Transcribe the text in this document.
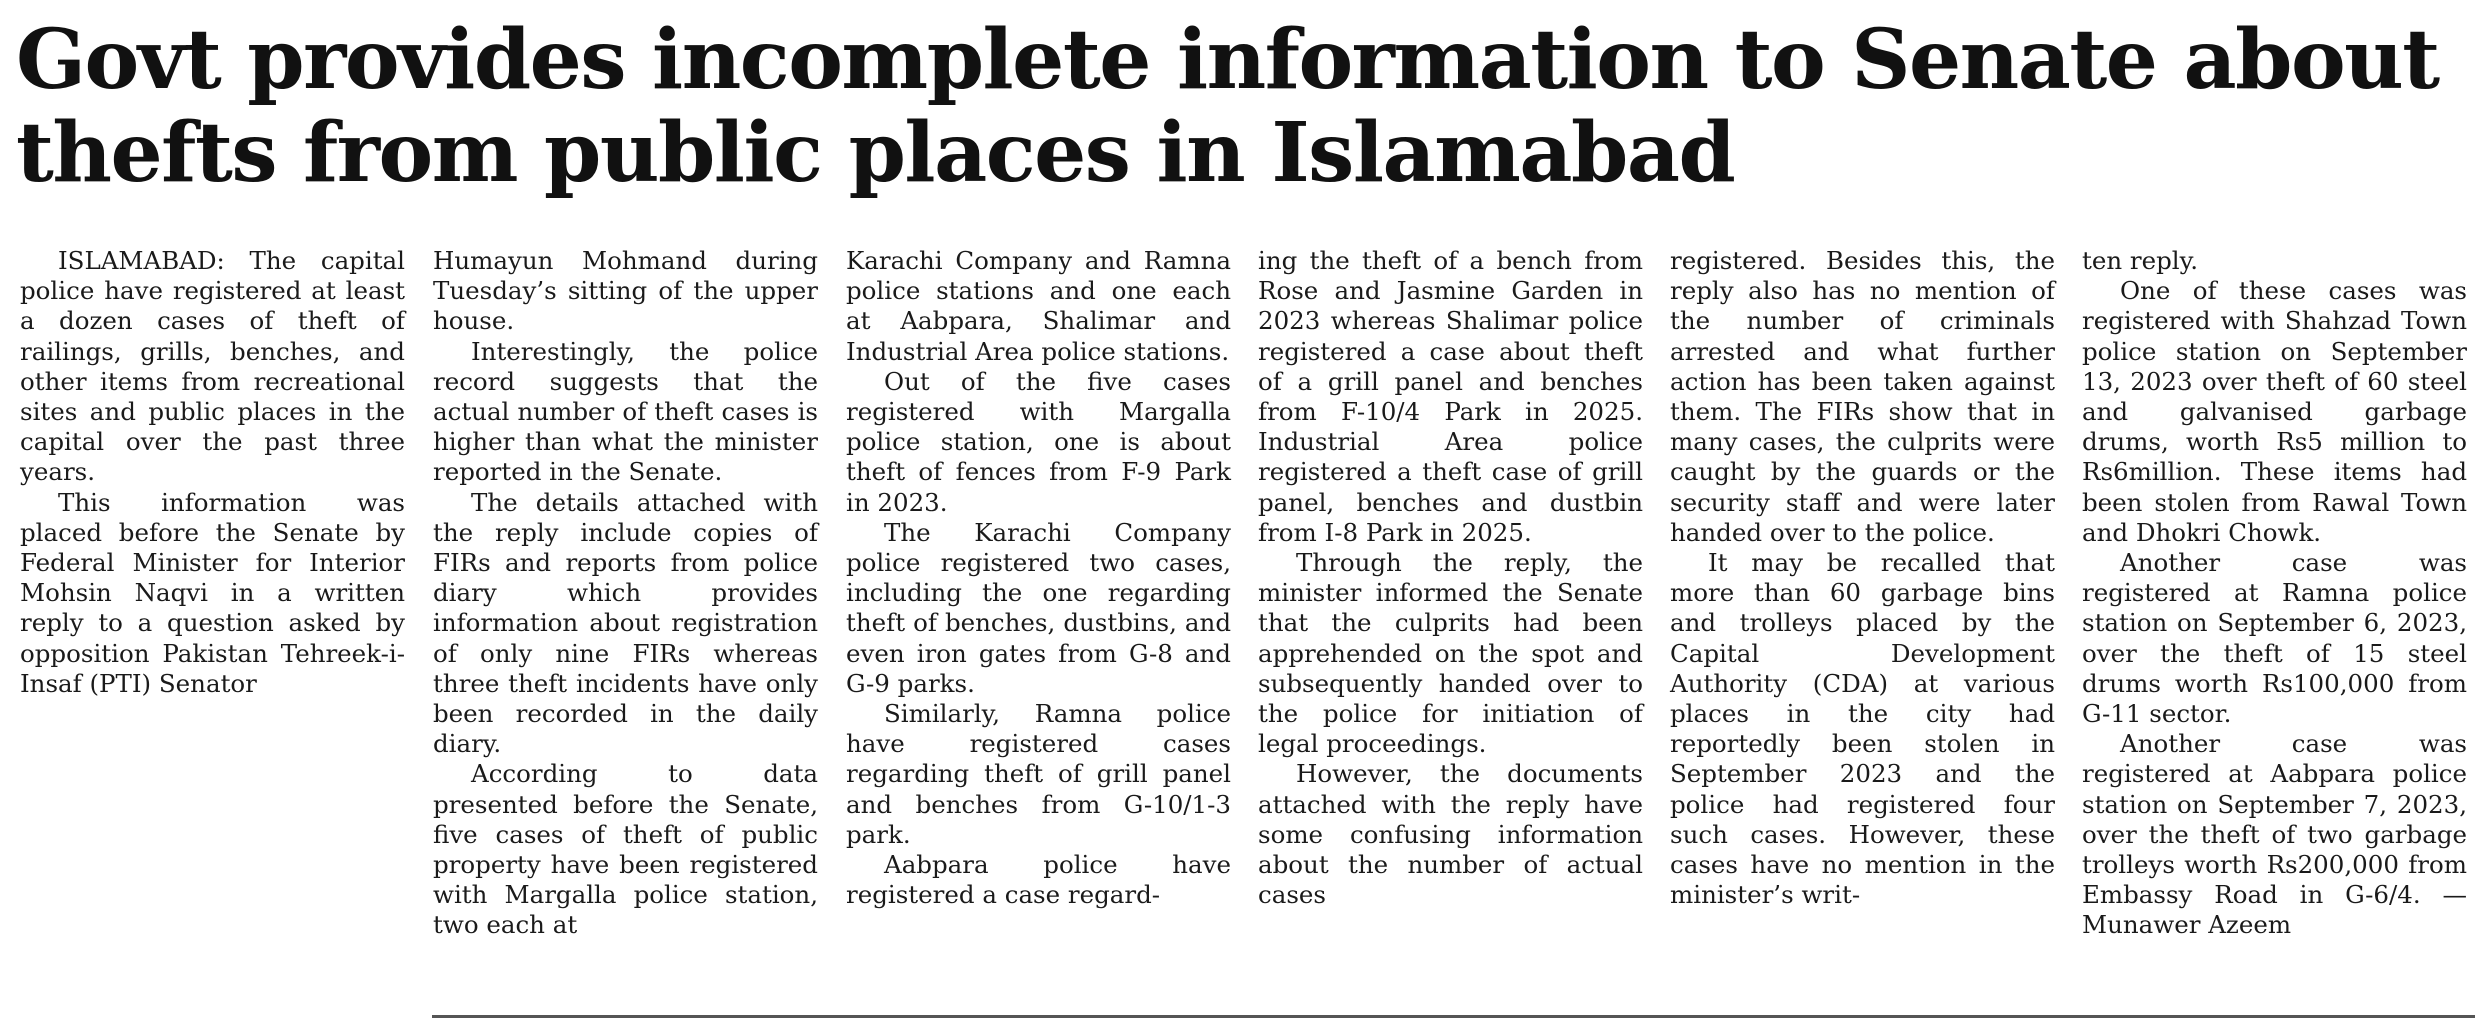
Govt provides incomplete information to Senate about thefts from public places in Islamabad

ISLAMABAD: The capital police have registered at least a dozen cases of theft of railings, grills, benches, and other items from recreational sites and public places in the capital over the past three years.

This information was placed before the Senate by Federal Minister for Interior Mohsin Naqvi in a written reply to a question asked by opposition Pakistan Tehreek-i-Insaf (PTI) Senator

Humayun Mohmand during Tuesday’s sitting of the upper house.

Interestingly, the police record suggests that the actual number of theft cases is higher than what the minister reported in the Senate.

The details attached with the reply include copies of FIRs and reports from police diary which provides information about registration of only nine FIRs whereas three theft incidents have only been recorded in the daily diary.

According to data presented before the Senate, five cases of theft of public property have been registered with Margalla police station, two each at

Karachi Company and Ramna police stations and one each at Aabpara, Shalimar and Industrial Area police stations.

Out of the five cases registered with Margalla police station, one is about theft of fences from F-9 Park in 2023.

The Karachi Company police registered two cases, including the one regarding theft of benches, dustbins, and even iron gates from G-8 and G-9 parks.

Similarly, Ramna police have registered cases regarding theft of grill panel and benches from G-10/1-3 park.

Aabpara police have registered a case regard-

ing the theft of a bench from Rose and Jasmine Garden in 2023 whereas Shalimar police registered a case about theft of a grill panel and benches from F-10/4 Park in 2025. Industrial Area police registered a theft case of grill panel, benches and dustbin from I-8 Park in 2025.

Through the reply, the minister informed the Senate that the culprits had been apprehended on the spot and subsequently handed over to the police for initiation of legal proceedings.

However, the documents attached with the reply have some confusing information about the number of actual cases

registered. Besides this, the reply also has no mention of the number of criminals arrested and what further action has been taken against them. The FIRs show that in many cases, the culprits were caught by the guards or the security staff and were later handed over to the police.

It may be recalled that more than 60 garbage bins and trolleys placed by the Capital Development Authority (CDA) at various places in the city had reportedly been stolen in September 2023 and the police had registered four such cases. However, these cases have no mention in the minister’s writ-

ten reply.

One of these cases was registered with Shahzad Town police station on September 13, 2023 over theft of 60 steel and galvanised garbage drums, worth Rs5 million to Rs6million. These items had been stolen from Rawal Town and Dhokri Chowk.

Another case was registered at Ramna police station on September 6, 2023, over the theft of 15 steel drums worth Rs100,000 from G-11 sector.

Another case was registered at Aabpara police station on September 7, 2023, over the theft of two garbage trolleys worth Rs200,000 from Embassy Road in G-6/4. — Munawer Azeem
